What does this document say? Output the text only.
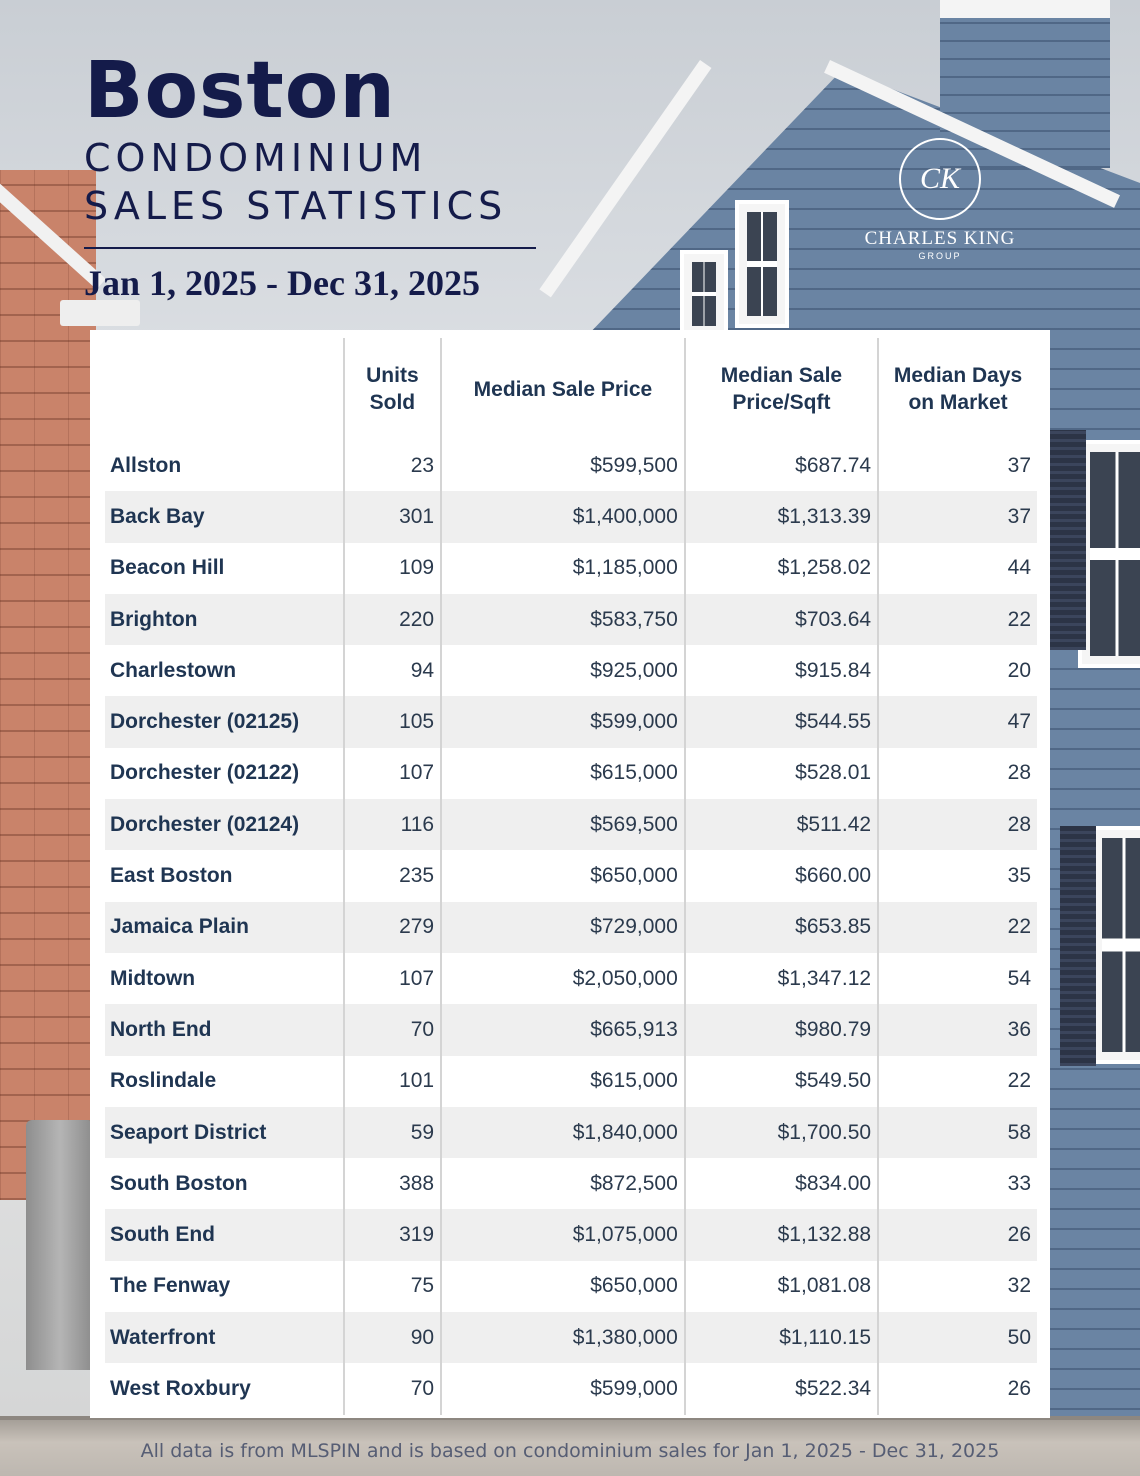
Boston

CONDOMINIUM

SALES STATISTICS

Jan 1, 2025 - Dec 31, 2025
CK
CHARLES KING
GROUP
	Units Sold	Median Sale Price	Median Sale Price/Sqft	Median Days on Market
Allston	23	$599,500	$687.74	37
Back Bay	301	$1,400,000	$1,313.39	37
Beacon Hill	109	$1,185,000	$1,258.02	44
Brighton	220	$583,750	$703.64	22
Charlestown	94	$925,000	$915.84	20
Dorchester (02125)	105	$599,000	$544.55	47
Dorchester (02122)	107	$615,000	$528.01	28
Dorchester (02124)	116	$569,500	$511.42	28
East Boston	235	$650,000	$660.00	35
Jamaica Plain	279	$729,000	$653.85	22
Midtown	107	$2,050,000	$1,347.12	54
North End	70	$665,913	$980.79	36
Roslindale	101	$615,000	$549.50	22
Seaport District	59	$1,840,000	$1,700.50	58
South Boston	388	$872,500	$834.00	33
South End	319	$1,075,000	$1,132.88	26
The Fenway	75	$650,000	$1,081.08	32
Waterfront	90	$1,380,000	$1,110.15	50
West Roxbury	70	$599,000	$522.34	26
All data is from MLSPIN and is based on condominium sales for Jan 1, 2025 - Dec 31, 2025
